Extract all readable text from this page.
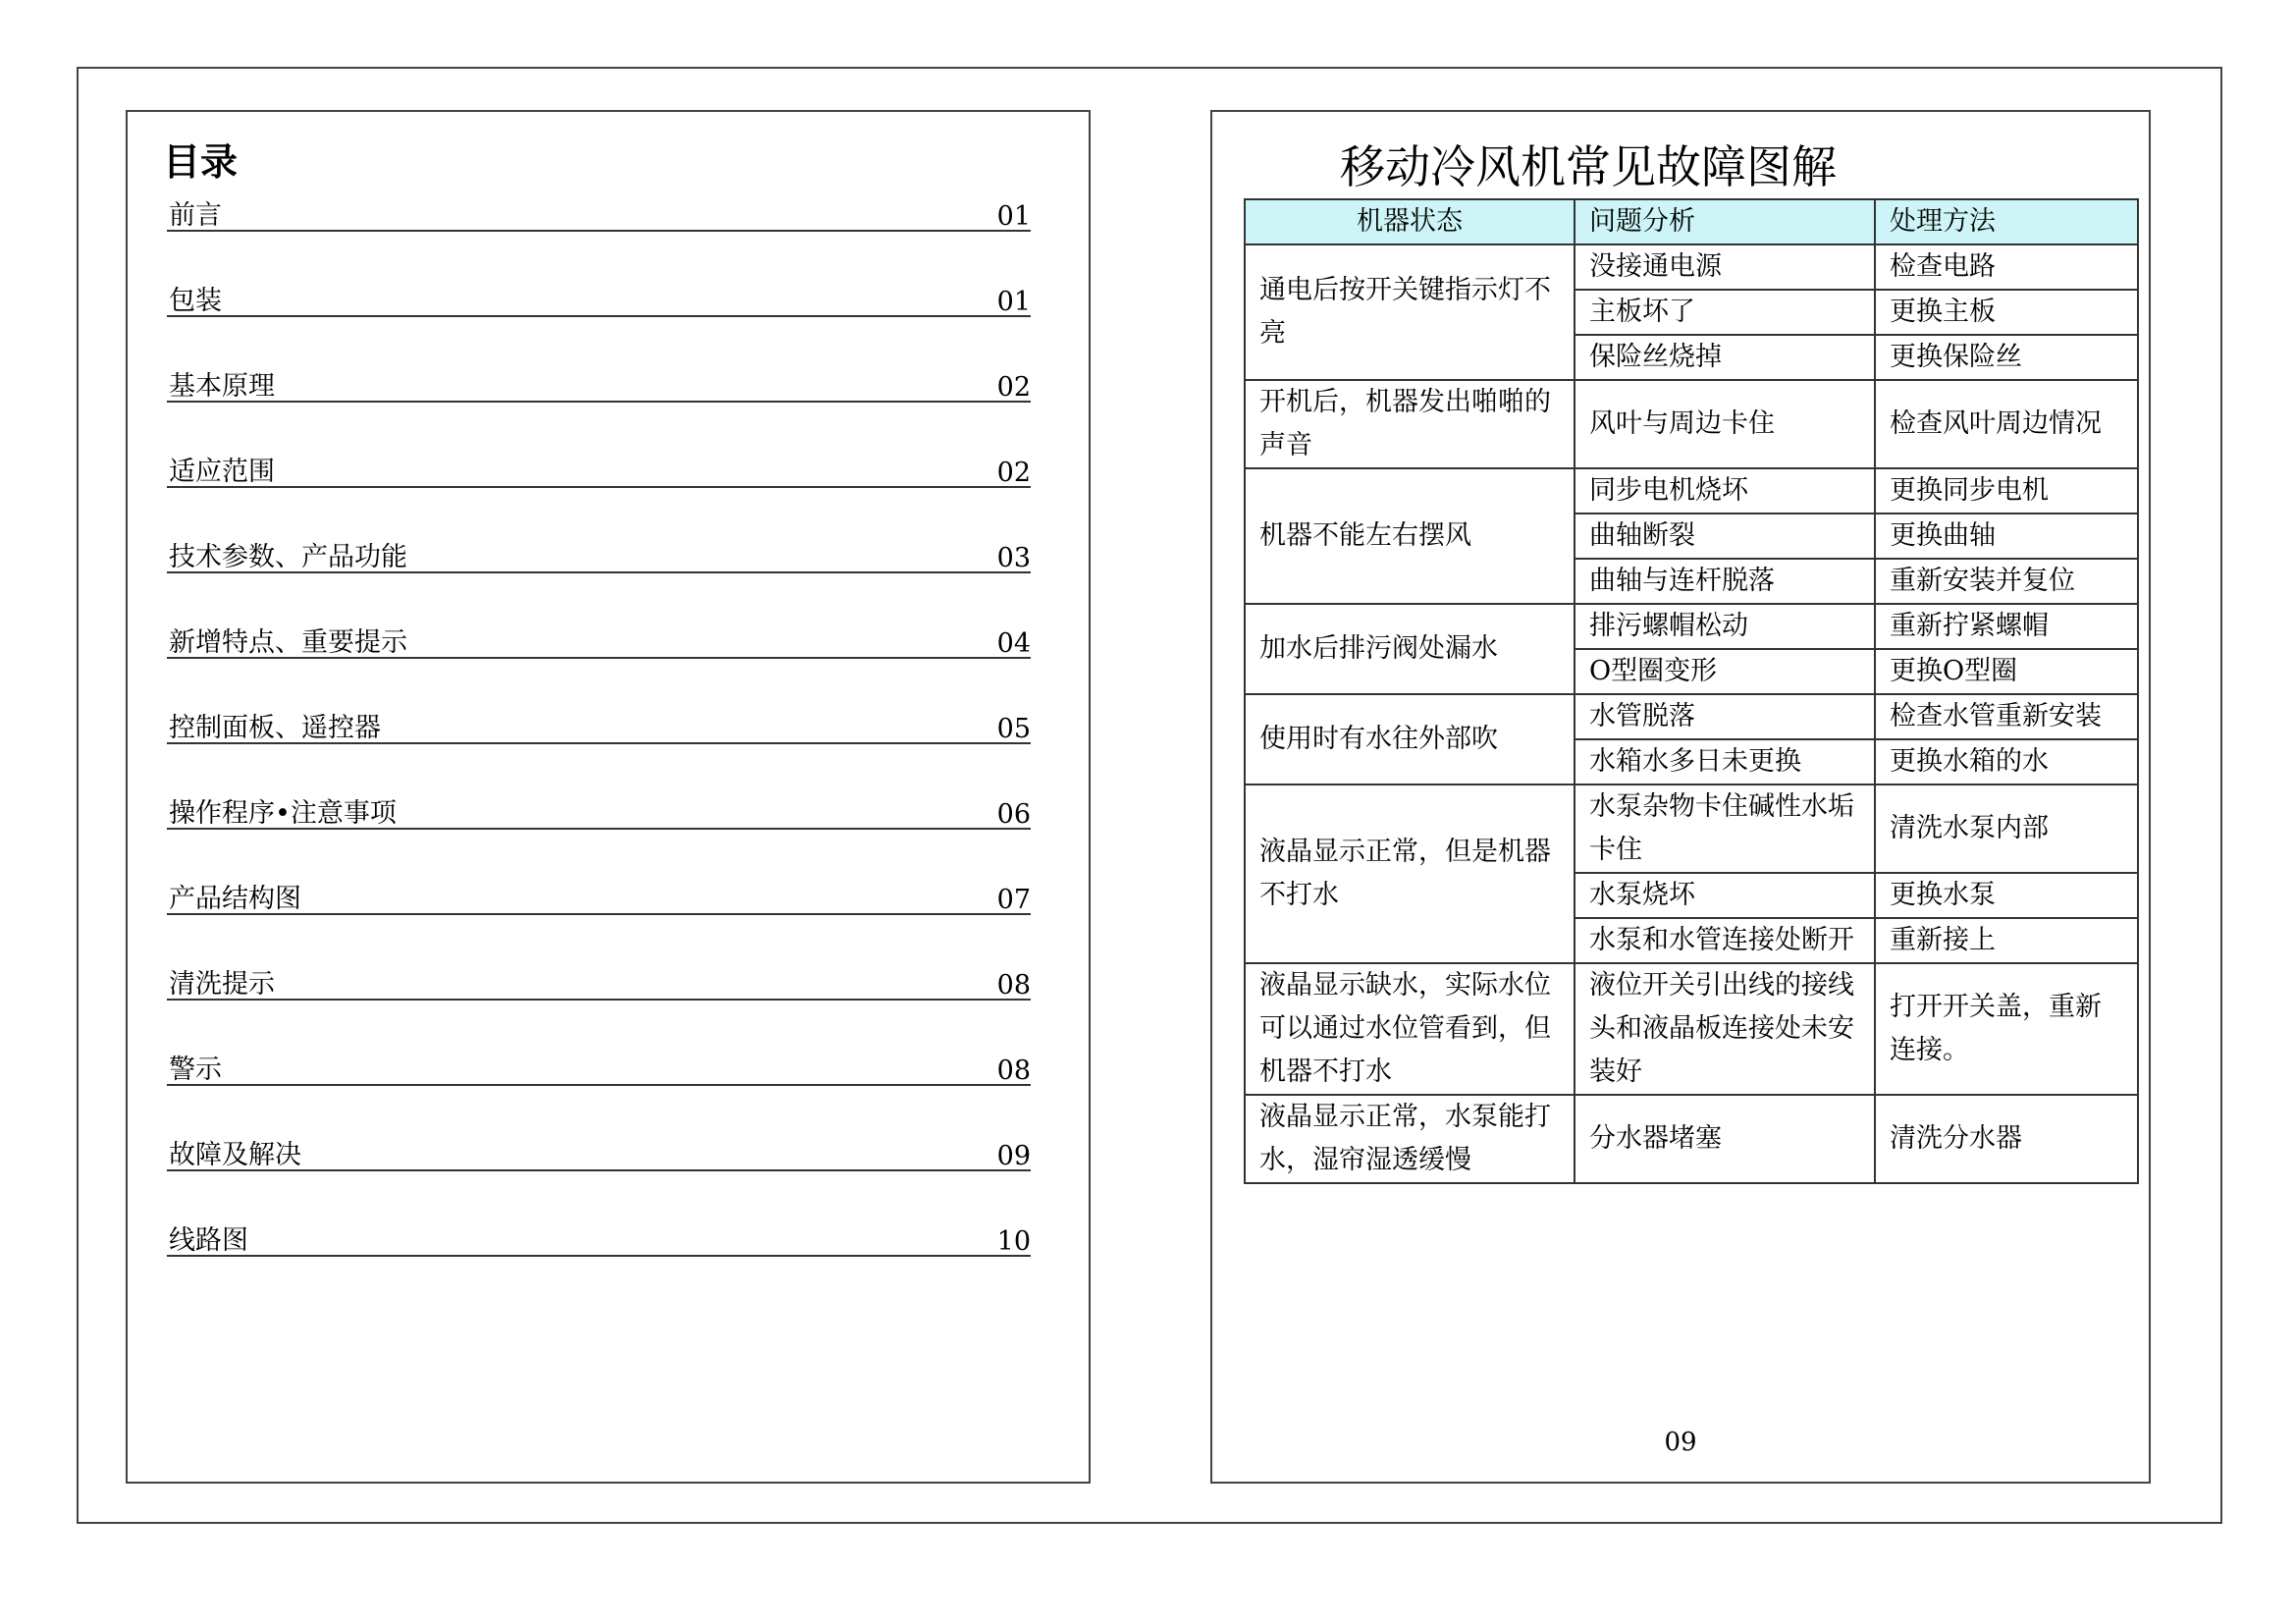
目录
前言	01
包装	01
基本原理	02
适应范围	02
技术参数、产品功能	03
新增特点、重要提示	04
控制面板、遥控器	05
操作程序•注意事项	06
产品结构图	07
清洗提示	08
警示	08
故障及解决	09
线路图	10
移动冷风机常见故障图解
机器状态	问题分析	处理方法
通电后按开关键指示灯不亮	没接通电源	检查电路
	主板坏了	更换主板
	保险丝烧掉	更换保险丝
开机后，机器发出啪啪的声音	风叶与周边卡住	检查风叶周边情况
机器不能左右摆风	同步电机烧坏	更换同步电机
	曲轴断裂	更换曲轴
	曲轴与连杆脱落	重新安装并复位
加水后排污阀处漏水	排污螺帽松动	重新拧紧螺帽
	O型圈变形	更换O型圈
使用时有水往外部吹	水管脱落	检查水管重新安装
	水箱水多日未更换	更换水箱的水
液晶显示正常，但是机器不打水	水泵杂物卡住碱性水垢卡住	清洗水泵内部
	水泵烧坏	更换水泵
	水泵和水管连接处断开	重新接上
液晶显示缺水，实际水位可以通过水位管看到，但机器不打水	液位开关引出线的接线头和液晶板连接处未安装好	打开开关盖，重新连接。
液晶显示正常，水泵能打水，湿帘湿透缓慢	分水器堵塞	清洗分水器
09
